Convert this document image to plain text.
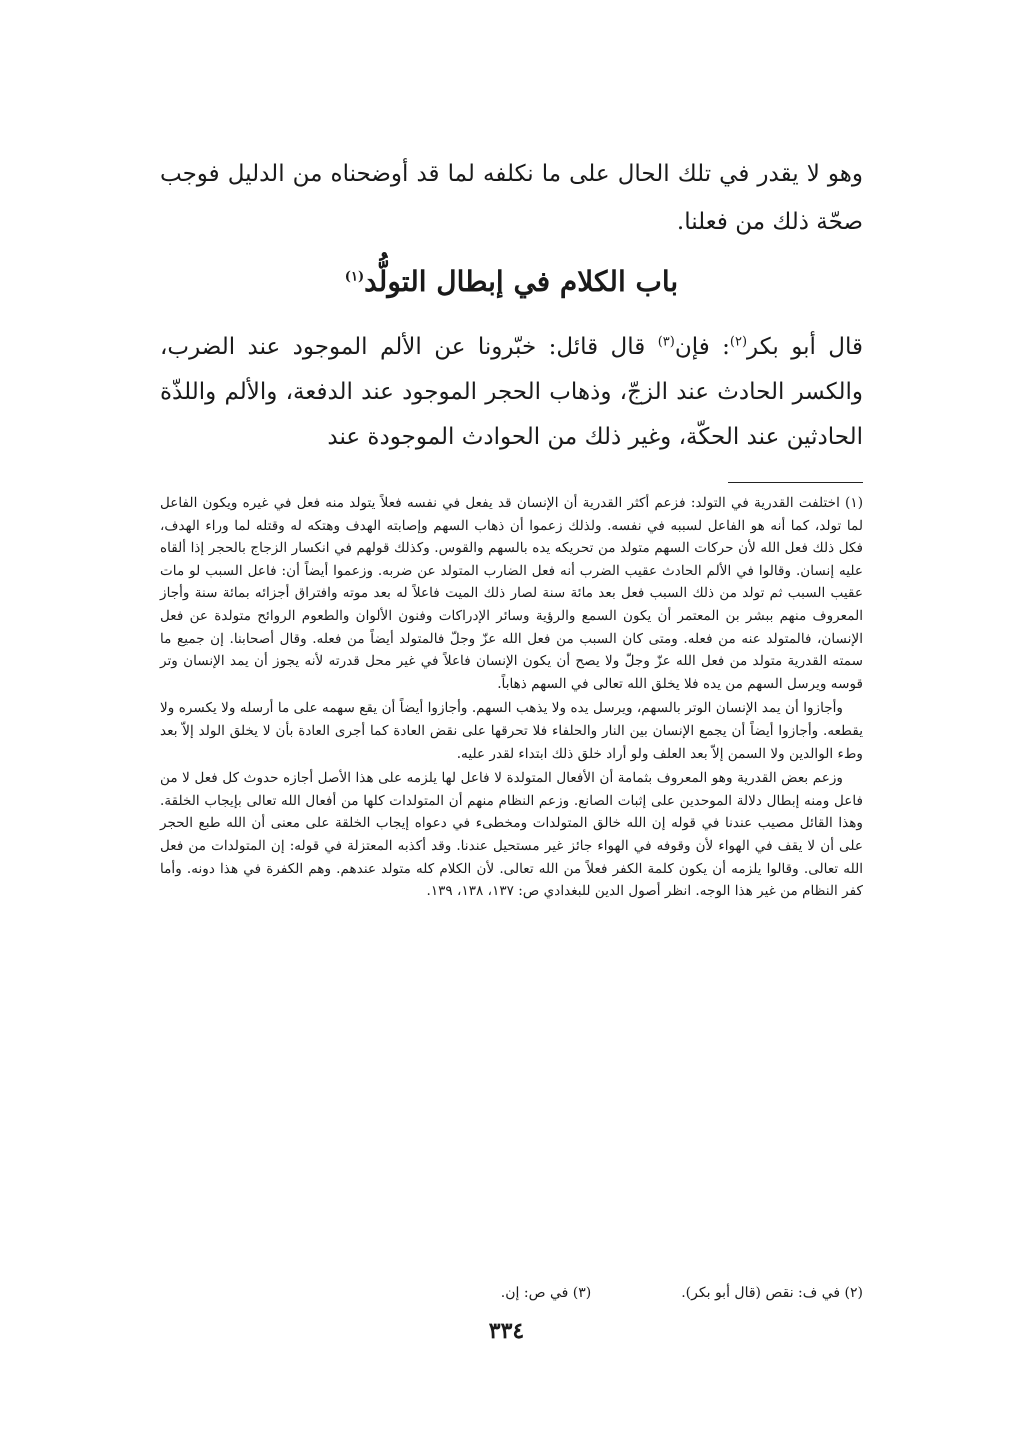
وهو لا يقدر في تلك الحال على ما نكلفه لما قد أوضحناه من الدليل فوجب صحّة ذلك من فعلنا.

باب الكلام في إبطال التولُّد$^{(١)}$
قال أبو بكر$^{(٢)}$: فإن$^{(٣)}$ قال قائل: خبّرونا عن الألم الموجود عند الضرب، والكسر الحادث عند الزجّ، وذهاب الحجر الموجود عند الدفعة، والألم واللذّة الحادثين عند الحكّة، وغير ذلك من الحوادث الموجودة عند

(١) اختلفت القدرية في التولد: فزعم أكثر القدرية أن الإنسان قد يفعل في نفسه فعلاً يتولد منه فعل في غيره ويكون الفاعل لما تولد، كما أنه هو الفاعل لسببه في نفسه. ولذلك زعموا أن ذهاب السهم وإصابته الهدف وهتكه له وقتله لما وراء الهدف، فكل ذلك فعل الله لأن حركات السهم متولد من تحريكه يده بالسهم والقوس. وكذلك قولهم في انكسار الزجاج بالحجر إذا ألقاه عليه إنسان. وقالوا في الألم الحادث عقيب الضرب أنه فعل الضارب المتولد عن ضربه. وزعموا أيضاً أن: فاعل السبب لو مات عقيب السبب ثم تولد من ذلك السبب فعل بعد مائة سنة لصار ذلك الميت فاعلاً له بعد موته وافتراق أجزائه بمائة سنة وأجاز المعروف منهم ببشر بن المعتمر أن يكون السمع والرؤية وسائر الإدراكات وفنون الألوان والطعوم الروائح متولدة عن فعل الإنسان، فالمتولد عنه من فعله. ومتى كان السبب من فعل الله عزّ وجلّ فالمتولد أيضاً من فعله. وقال أصحابنا. إن جميع ما سمته القدرية متولد من فعل الله عزّ وجلّ ولا يصح أن يكون الإنسان فاعلاً في غير محل قدرته لأنه يجوز أن يمد الإنسان وتر قوسه ويرسل السهم من يده فلا يخلق الله تعالى في السهم ذهاباً.

وأجازوا أن يمد الإنسان الوتر بالسهم، ويرسل يده ولا يذهب السهم. وأجازوا أيضاً أن يقع سهمه على ما أرسله ولا يكسره ولا يقطعه. وأجازوا أيضاً أن يجمع الإنسان بين النار والحلفاء فلا تحرقها على نقض العادة كما أجرى العادة بأن لا يخلق الولد إلاّ بعد وطء الوالدين ولا السمن إلاّ بعد العلف ولو أراد خلق ذلك ابتداء لقدر عليه.

وزعم بعض القدرية وهو المعروف بثمامة أن الأفعال المتولدة لا فاعل لها يلزمه على هذا الأصل أجازه حدوث كل فعل لا من فاعل ومنه إبطال دلالة الموحدين على إثبات الصانع. وزعم النظام منهم أن المتولدات كلها من أفعال الله تعالى بإيجاب الخلقة. وهذا القائل مصيب عندنا في قوله إن الله خالق المتولدات ومخطىء في دعواه إيجاب الخلقة على معنى أن الله طبع الحجر على أن لا يقف في الهواء لأن وقوفه في الهواء جائز غير مستحيل عندنا. وقد أكذبه المعتزلة في قوله: إن المتولدات من فعل الله تعالى. وقالوا يلزمه أن يكون كلمة الكفر فعلاً من الله تعالى. لأن الكلام كله متولد عندهم. وهم الكفرة في هذا دونه. وأما كفر النظام من غير هذا الوجه. انظر أصول الدين للبغدادي ص: ١٣٧، ١٣٨، ١٣٩.

(٢) في ف: نقص (قال أبو بكر).(٣) في ص: إن.
٣٣٤
